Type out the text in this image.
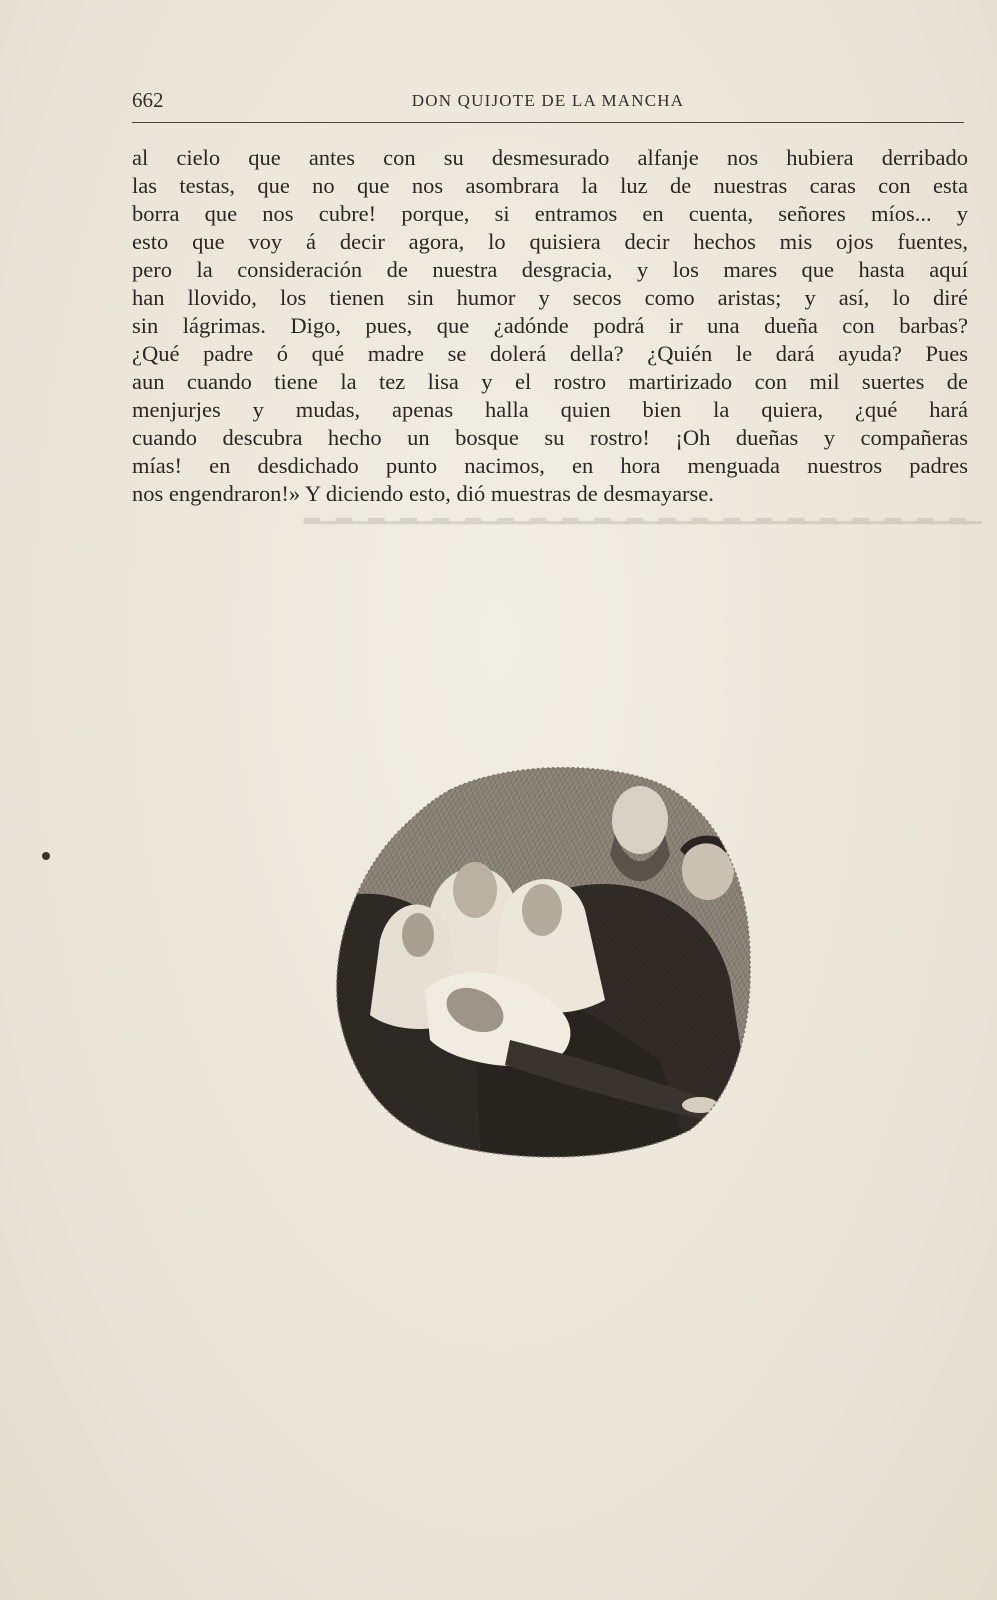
662	DON QUIJOTE DE LA MANCHA
▁▂▁▂▁▂▁▂▁▂▁▂▁▂▁▂▁▂▁▂▁▂▁▂▁▂▁▂▁▂▁▂▁▂▁▂▁▂▁▂▁▂
al cielo que antes con su desmesurado alfanje nos hubiera derribado
las testas, que no que nos asombrara la luz de nuestras caras con esta
borra que nos cubre! porque, si entramos en cuenta, señores míos... y
esto que voy á decir agora, lo quisiera decir hechos mis ojos fuentes,
pero la consideración de nuestra desgracia, y los mares que hasta aquí
han llovido, los tienen sin humor y secos como aristas; y así, lo diré
sin lágrimas. Digo, pues, que ¿adónde podrá ir una dueña con barbas?
¿Qué padre ó qué madre se dolerá della? ¿Quién le dará ayuda? Pues
aun cuando tiene la tez lisa y el rostro martirizado con mil suertes de
menjurjes y mudas, apenas halla quien bien la quiera, ¿qué hará
cuando descubra hecho un bosque su rostro! ¡Oh dueñas y compañeras
mías! en desdichado punto nacimos, en hora menguada nuestros padres
nos engendraron!» Y diciendo esto, dió muestras de desmayarse.
